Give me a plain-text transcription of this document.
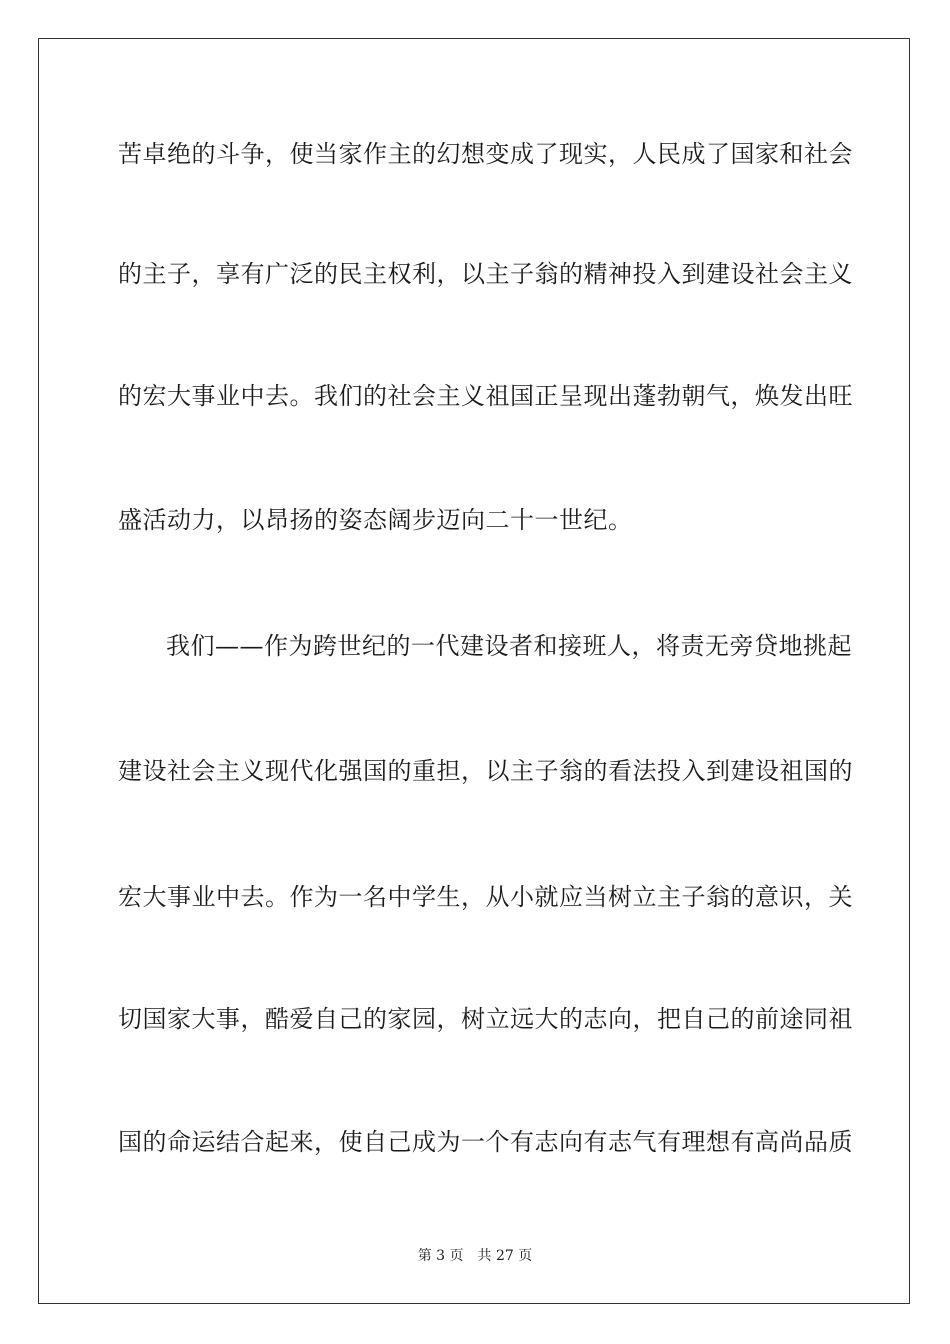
苦卓绝的斗争，使当家作主的幻想变成了现实，人民成了国家和社会
的主子，享有广泛的民主权利，以主子翁的精神投入到建设社会主义
的宏大事业中去。我们的社会主义祖国正呈现出蓬勃朝气，焕发出旺
盛活动力，以昂扬的姿态阔步迈向二十一世纪。
我们——作为跨世纪的一代建设者和接班人，将责无旁贷地挑起
建设社会主义现代化强国的重担，以主子翁的看法投入到建设祖国的
宏大事业中去。作为一名中学生，从小就应当树立主子翁的意识，关
切国家大事，酷爱自己的家园，树立远大的志向，把自己的前途同祖
国的命运结合起来，使自己成为一个有志向有志气有理想有高尚品质
第 3 页　共 27 页
